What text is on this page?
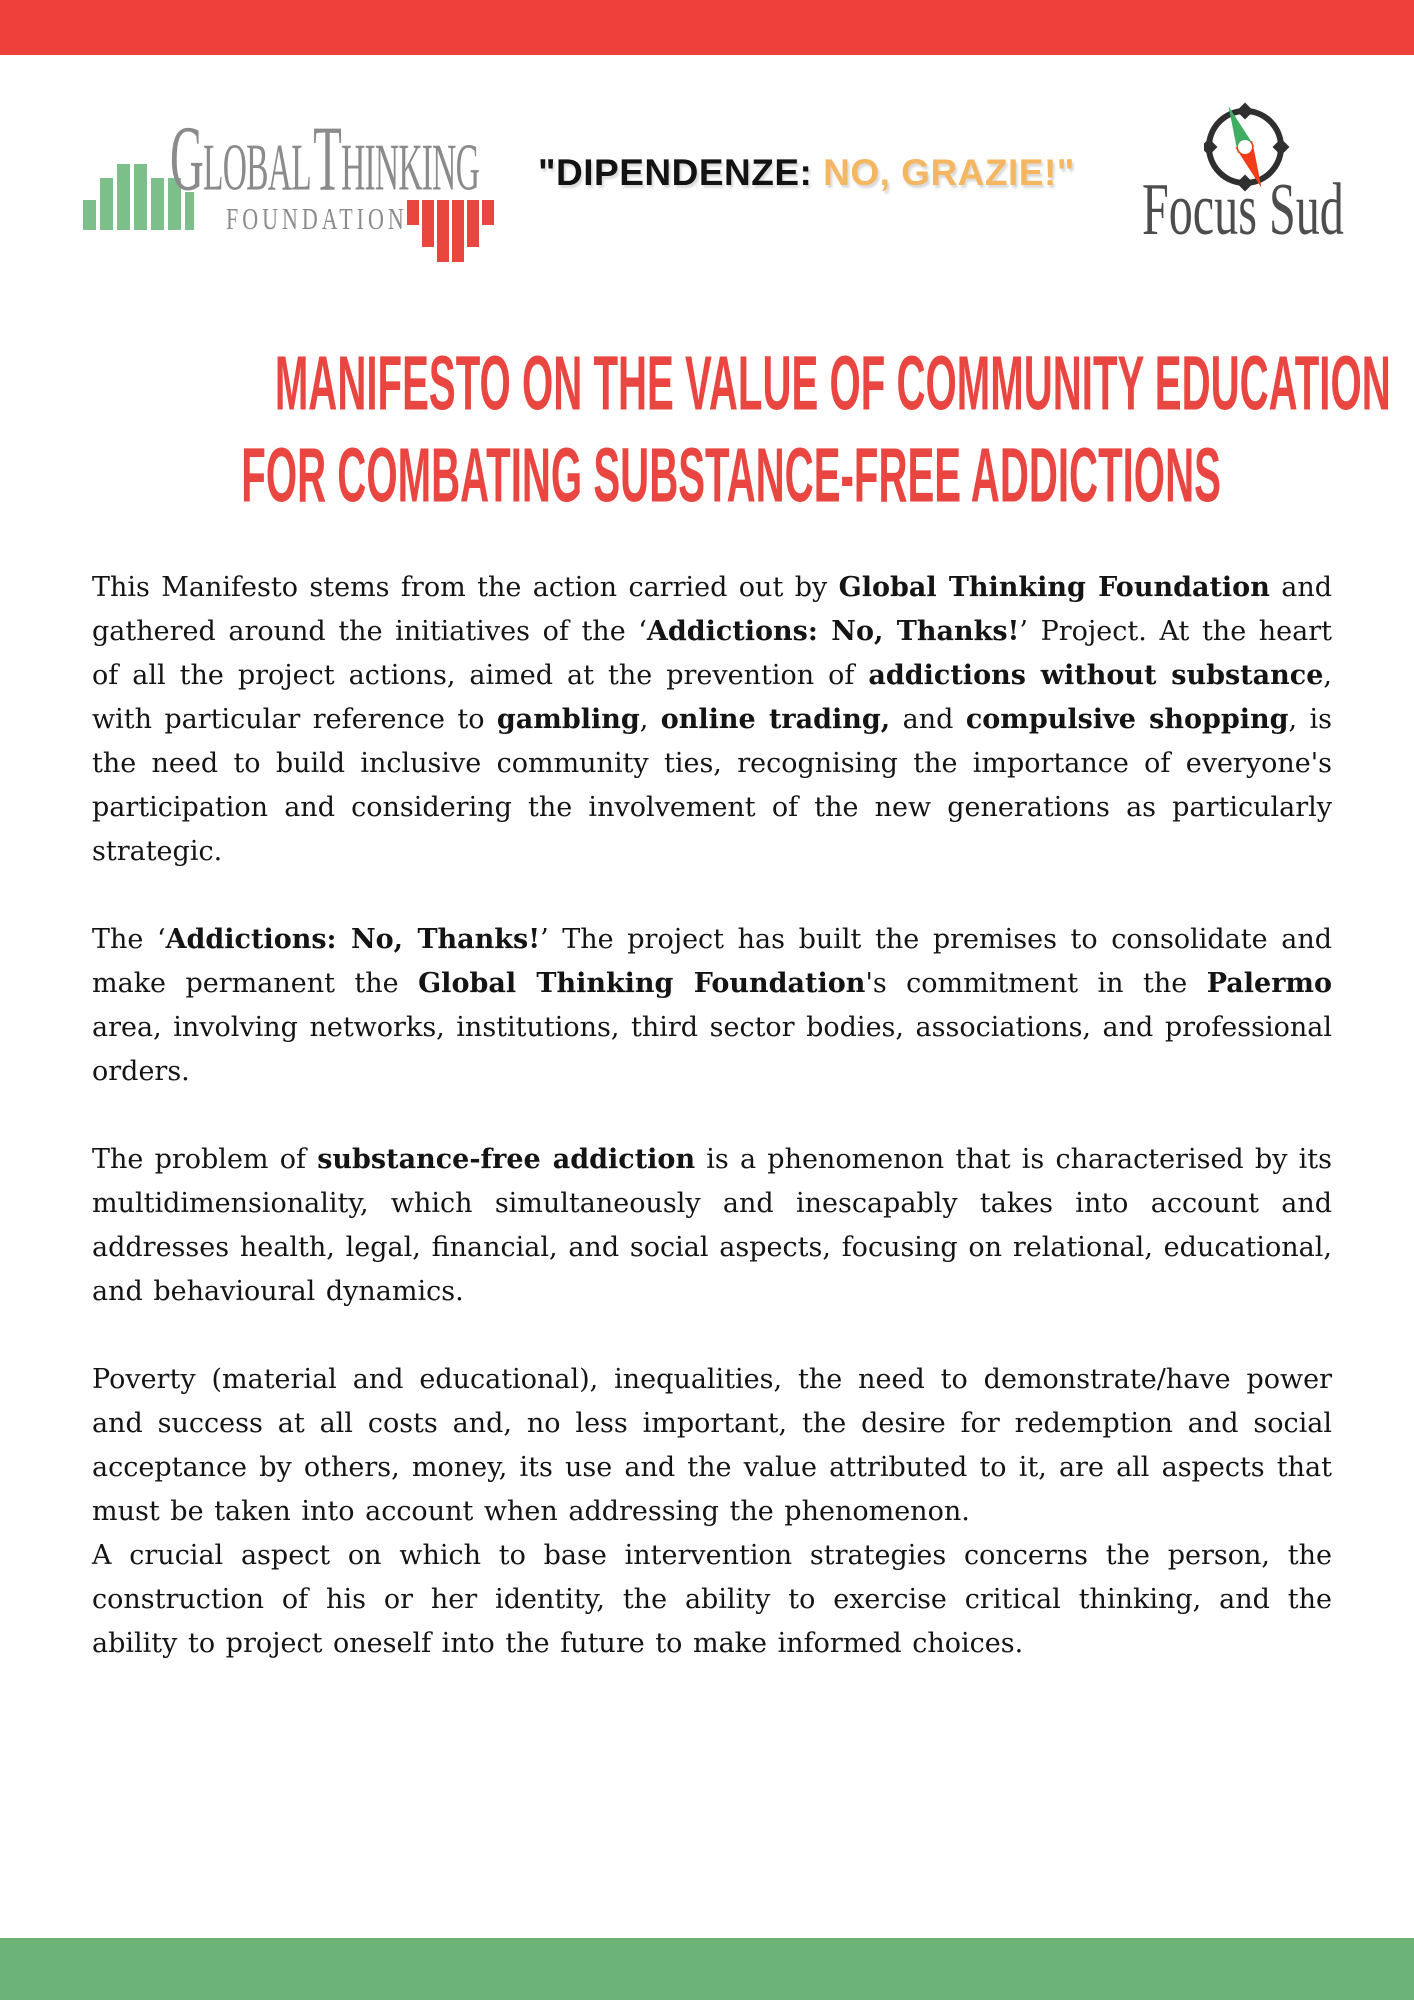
GLOBAL THINKING
FOUNDATION
"DIPENDENZE: NO, GRAZIE!" Focus Sud
MANIFESTO ON THE VALUE OF COMMUNITY EDUCATION
FOR COMBATING SUBSTANCE-FREE ADDICTIONS

This Manifesto stems from the action carried out by Global Thinking Foundation and gathered around the initiatives of the ‘Addictions: No, Thanks!’ Project. At the heart of all the project actions, aimed at the prevention of addictions without substance, with particular reference to gambling, online trading, and compulsive shopping, is the need to build inclusive community ties, recognising the importance of everyone's participation and considering the involvement of the new generations as particularly strategic.

The ‘Addictions: No, Thanks!’ The project has built the premises to consolidate and make permanent the Global Thinking Foundation's commitment in the Palermo area, involving networks, institutions, third sector bodies, associations, and professional orders.

The problem of substance-free addiction is a phenomenon that is characterised by its multidimensionality, which simultaneously and inescapably takes into account and addresses health, legal, financial, and social aspects, focusing on relational, educational, and behavioural dynamics.

Poverty (material and educational), inequalities, the need to demonstrate/have power and success at all costs and, no less important, the desire for redemption and social acceptance by others, money, its use and the value attributed to it, are all aspects that must be taken into account when addressing the phenomenon.

A crucial aspect on which to base intervention strategies concerns the person, the construction of his or her identity, the ability to exercise critical thinking, and the ability to project oneself into the future to make informed choices.
